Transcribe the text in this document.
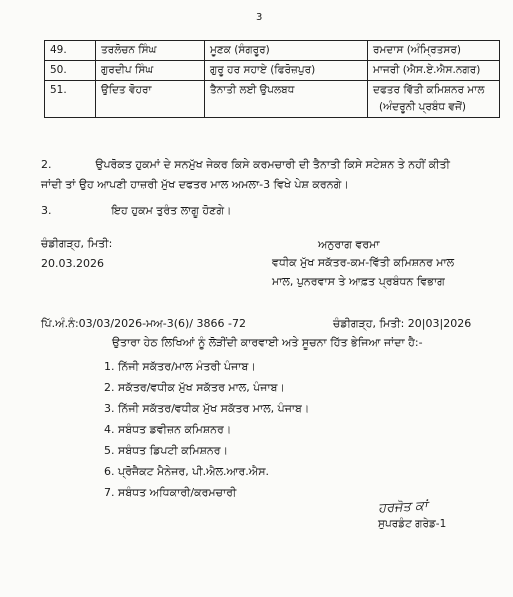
3
49.	ਤਰਲੋਚਨ ਸਿੰਘ	ਮੂਣਕ (ਸੰਗਰੂਰ)	ਰਮਦਾਸ (ਅੰਮ੍ਰਿਤਸਰ)
50.	ਗੁਰਦੀਪ ਸਿੰਘ	ਗੁਰੂ ਹਰ ਸਹਾਏ (ਫਿਰੋਜ਼ਪੁਰ)	ਮਾਜਰੀ (ਐਸ.ਏ.ਐਸ.ਨਗਰ)
51.	ਉਦਿਤ ਵੋਹਰਾ	ਤੈਨਾਤੀ ਲਈ ਉਪਲਬਧ	ਦਫਤਰ ਵਿੱਤੀ ਕਮਿਸ਼ਨਰ ਮਾਲ
(ਅੰਦਰੂਨੀ ਪ੍ਰਬੰਧ ਵਜੋਂ)
2.	ਉਪਰੋਕਤ ਹੁਕਮਾਂ ਦੇ ਸਨਮੁੱਖ ਜੇਕਰ ਕਿਸੇ ਕਰਮਚਾਰੀ ਦੀ ਤੈਨਾਤੀ ਕਿਸੇ ਸਟੇਸ਼ਨ ਤੇ ਨਹੀਂ ਕੀਤੀ
ਜਾਂਦੀ ਤਾਂ ਉਹ ਆਪਣੀ ਹਾਜ਼ਰੀ ਮੁੱਖ ਦਫਤਰ ਮਾਲ ਅਮਲਾ-3 ਵਿਖੇ ਪੇਸ਼ ਕਰਨਗੇ।
3.	ਇਹ ਹੁਕਮ ਤੁਰੰਤ ਲਾਗੂ ਹੋਣਗੇ।
ਚੰਡੀਗੜ੍ਹ, ਮਿਤੀ:
20.03.2026
ਅਨੁਰਾਗ ਵਰਮਾ
ਵਧੀਕ ਮੁੱਖ ਸਕੱਤਰ-ਕਮ-ਵਿੱਤੀ ਕਮਿਸ਼ਨਰ ਮਾਲ
ਮਾਲ, ਪੁਨਰਵਾਸ ਤੇ ਆਫ਼ਤ ਪ੍ਰਬੰਧਨ ਵਿਭਾਗ
ਪਿੱ.ਅੰ.ਨੰ:03/03/2026-ਮਅ-3(6)/ 3866 -72	ਚੰਡੀਗੜ੍ਹ, ਮਿਤੀ: 20|03|2026
ਉਤਾਰਾ ਹੇਠ ਲਿਖਿਆਂ ਨੂੰ ਲੋੜੀਂਦੀ ਕਾਰਵਾਈ ਅਤੇ ਸੂਚਨਾ ਹਿੱਤ ਭੇਜਿਆ ਜਾਂਦਾ ਹੈ:-
1. ਨਿੱਜੀ ਸਕੱਤਰ/ਮਾਲ ਮੰਤਰੀ ਪੰਜਾਬ।
2. ਸਕੱਤਰ/ਵਧੀਕ ਮੁੱਖ ਸਕੱਤਰ ਮਾਲ, ਪੰਜਾਬ।
3. ਨਿੱਜੀ ਸਕੱਤਰ/ਵਧੀਕ ਮੁੱਖ ਸਕੱਤਰ ਮਾਲ, ਪੰਜਾਬ।
4. ਸਬੰਧਤ ਡਵੀਜ਼ਨ ਕਮਿਸ਼ਨਰ।
5. ਸਬੰਧਤ ਡਿਪਟੀ ਕਮਿਸ਼ਨਰ।
6. ਪ੍ਰੋਜੈਕਟ ਮੈਨੇਜਰ, ਪੀ.ਐਲ.ਆਰ.ਐਸ.
7. ਸਬੰਧਤ ਅਧਿਕਾਰੀ/ਕਰਮਚਾਰੀ
ਹਰਜੋਤ ਕਾਂ
ਸੁਪਰਡੰਟ ਗਰੇਡ-1
